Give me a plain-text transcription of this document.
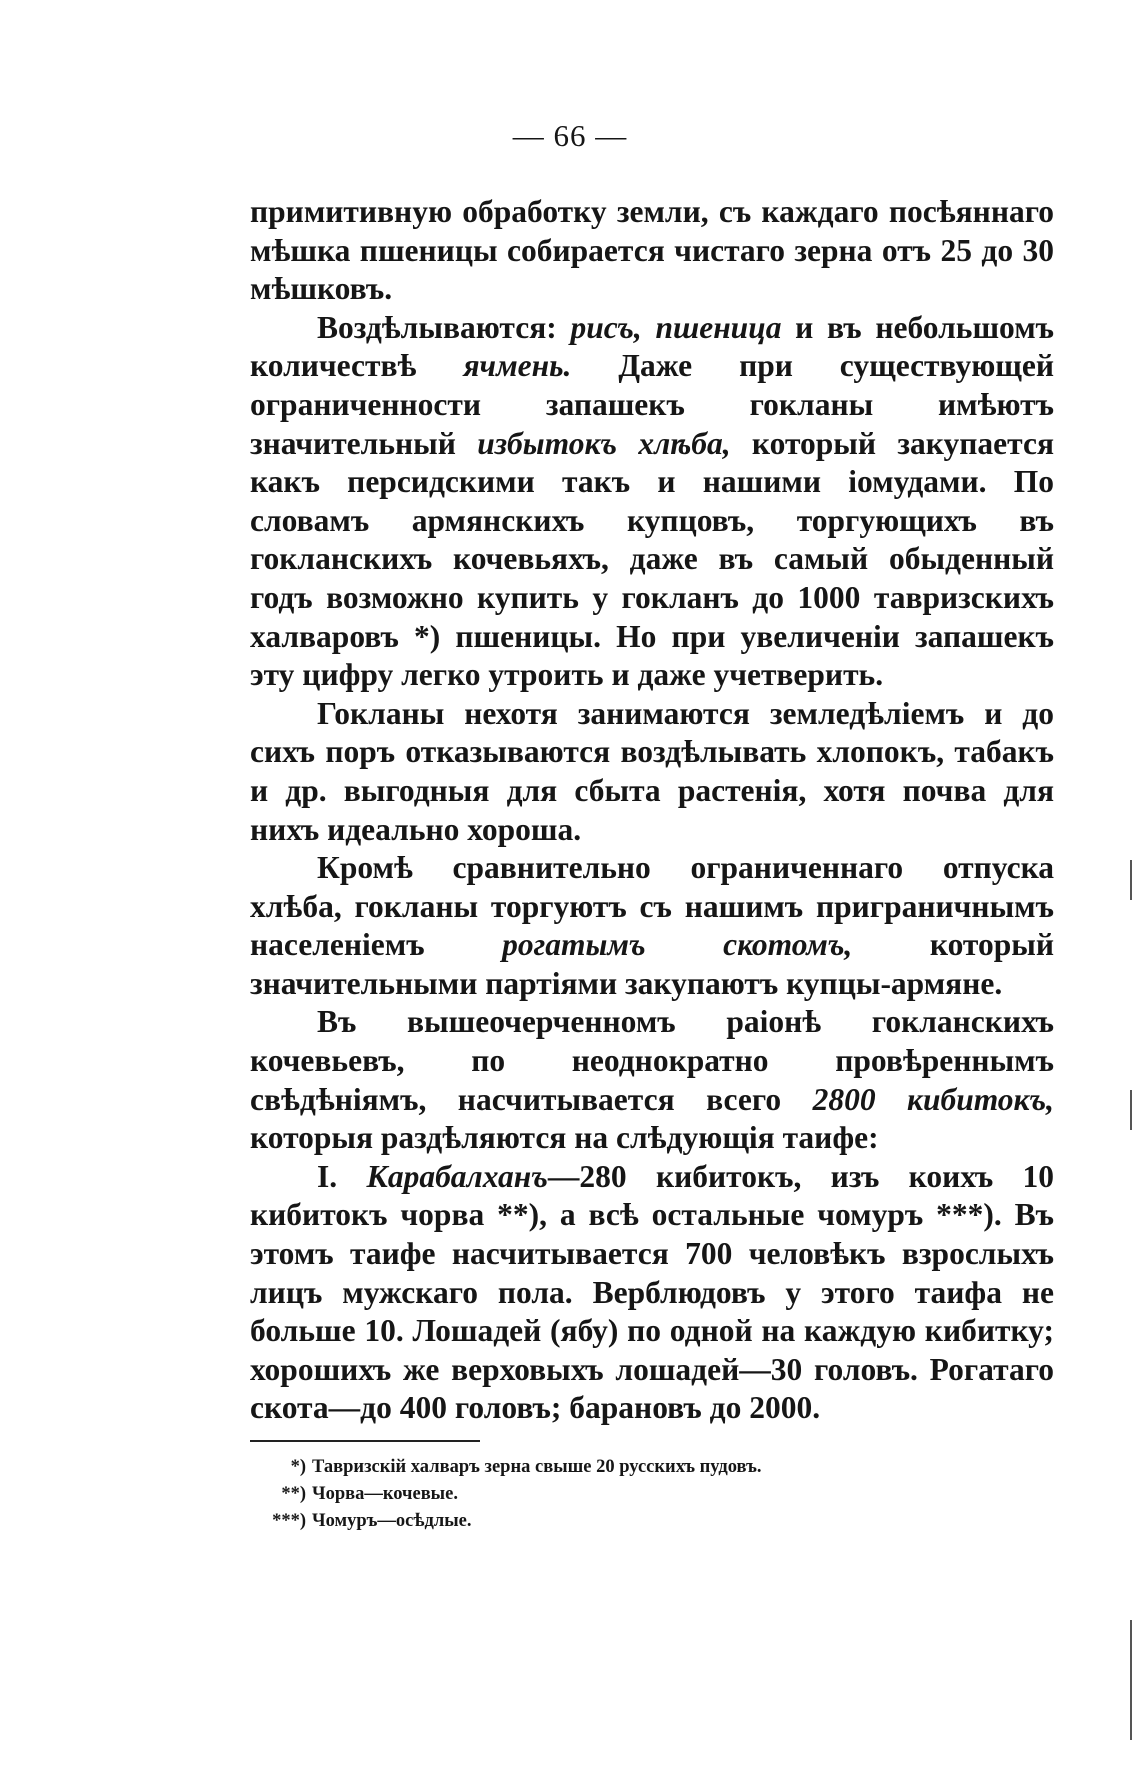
— 66 —

примитивную обработку земли, съ каждаго посѣяннаго мѣшка пшеницы собирается чистаго зерна отъ 25 до 30 мѣшковъ.

Воздѣлываются: рисъ, пшеница и въ небольшомъ количествѣ ячмень. Даже при существующей ограниченности запашекъ гокланы имѣютъ значительный избытокъ хлѣба, который закупается какъ персидскими такъ и нашими іомудами. По словамъ армянскихъ купцовъ, торгующихъ въ гокланскихъ кочевьяхъ, даже въ самый обыденный годъ возможно купить у гокланъ до 1000 тавризскихъ халваровъ *) пшеницы. Но при увеличеніи запашекъ эту цифру легко утроить и даже учетверить.

Гокланы нехотя занимаются земледѣліемъ и до сихъ поръ отказываются воздѣлывать хлопокъ, табакъ и др. выгодныя для сбыта растенія, хотя почва для нихъ идеально хороша.

Кромѣ сравнительно ограниченнаго отпуска хлѣба, гокланы торгуютъ съ нашимъ приграничнымъ населеніемъ рогатымъ скотомъ, который значительными партіями закупаютъ купцы-армяне.

Въ вышеочерченномъ раіонѣ гокланскихъ кочевьевъ, по неоднократно провѣреннымъ свѣдѣніямъ, насчитывается всего 2800 кибитокъ, которыя раздѣляются на слѣдующія таифе:

I. Карабалханъ—280 кибитокъ, изъ коихъ 10 кибитокъ чорва **), а всѣ остальные чомуръ ***). Въ этомъ таифе насчитывается 700 человѣкъ взрослыхъ лицъ мужскаго пола. Верблюдовъ у этого таифа не больше 10. Лошадей (ябу) по одной на каждую кибитку; хорошихъ же верховыхъ лошадей—30 головъ. Рогатаго скота—до 400 головъ; барановъ до 2000.

*) Тавризскій халваръ зерна свыше 20 русскихъ пудовъ.
**) Чорва—кочевые.
***) Чомуръ—осѣдлые.
